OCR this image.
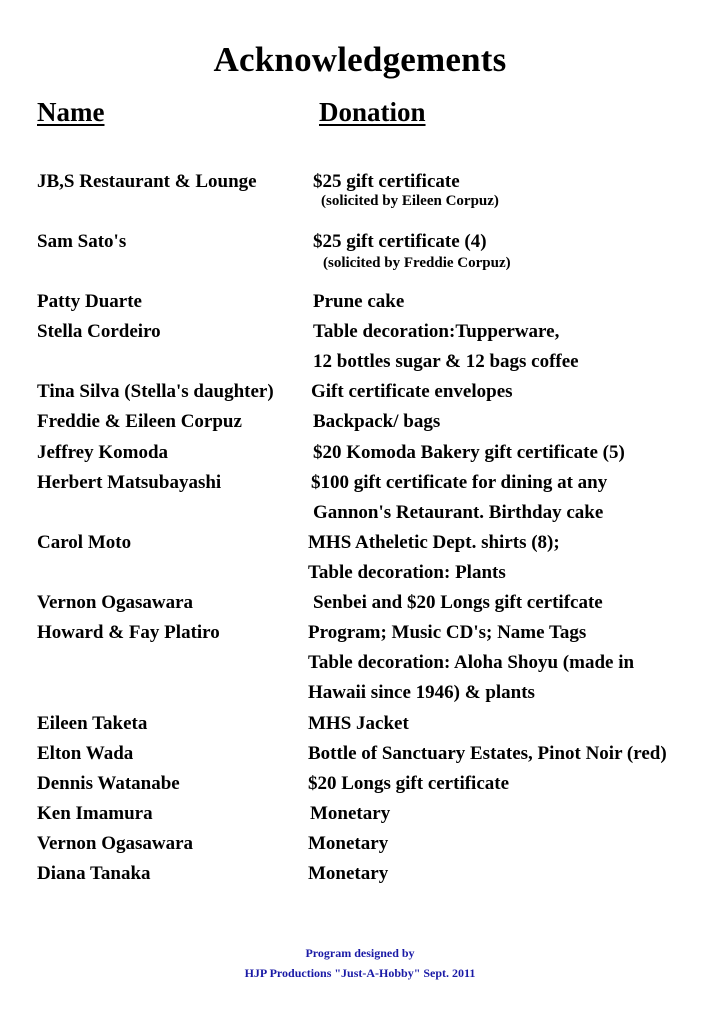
Acknowledgements
Name	Donation
JB,S Restaurant & Lounge	$25 gift certificate
(solicited by Eileen Corpuz)
Sam Sato's	$25 gift certificate (4)
(solicited by Freddie Corpuz)
Patty Duarte	Prune cake
Stella Cordeiro	Table decoration:Tupperware,
12 bottles sugar & 12 bags coffee
Tina Silva (Stella's daughter) Gift certificate envelopes
Freddie & Eileen Corpuz	Backpack/ bags
Jeffrey Komoda	$20 Komoda Bakery gift certificate (5)
Herbert Matsubayashi	$100 gift certificate for dining at any
Gannon's Retaurant. Birthday cake
Carol Moto	MHS Atheletic Dept. shirts (8);
Table decoration: Plants
Vernon Ogasawara	Senbei and $20 Longs gift certifcate
Howard & Fay Platiro	Program; Music CD's; Name Tags
Table decoration: Aloha Shoyu (made in
Hawaii since 1946) & plants
Eileen Taketa	MHS Jacket
Elton Wada	Bottle of Sanctuary Estates, Pinot Noir (red)
Dennis Watanabe	$20 Longs gift certificate
Ken Imamura	Monetary
Vernon Ogasawara	Monetary
Diana Tanaka	Monetary
Program designed by
HJP Productions "Just-A-Hobby" Sept. 2011
